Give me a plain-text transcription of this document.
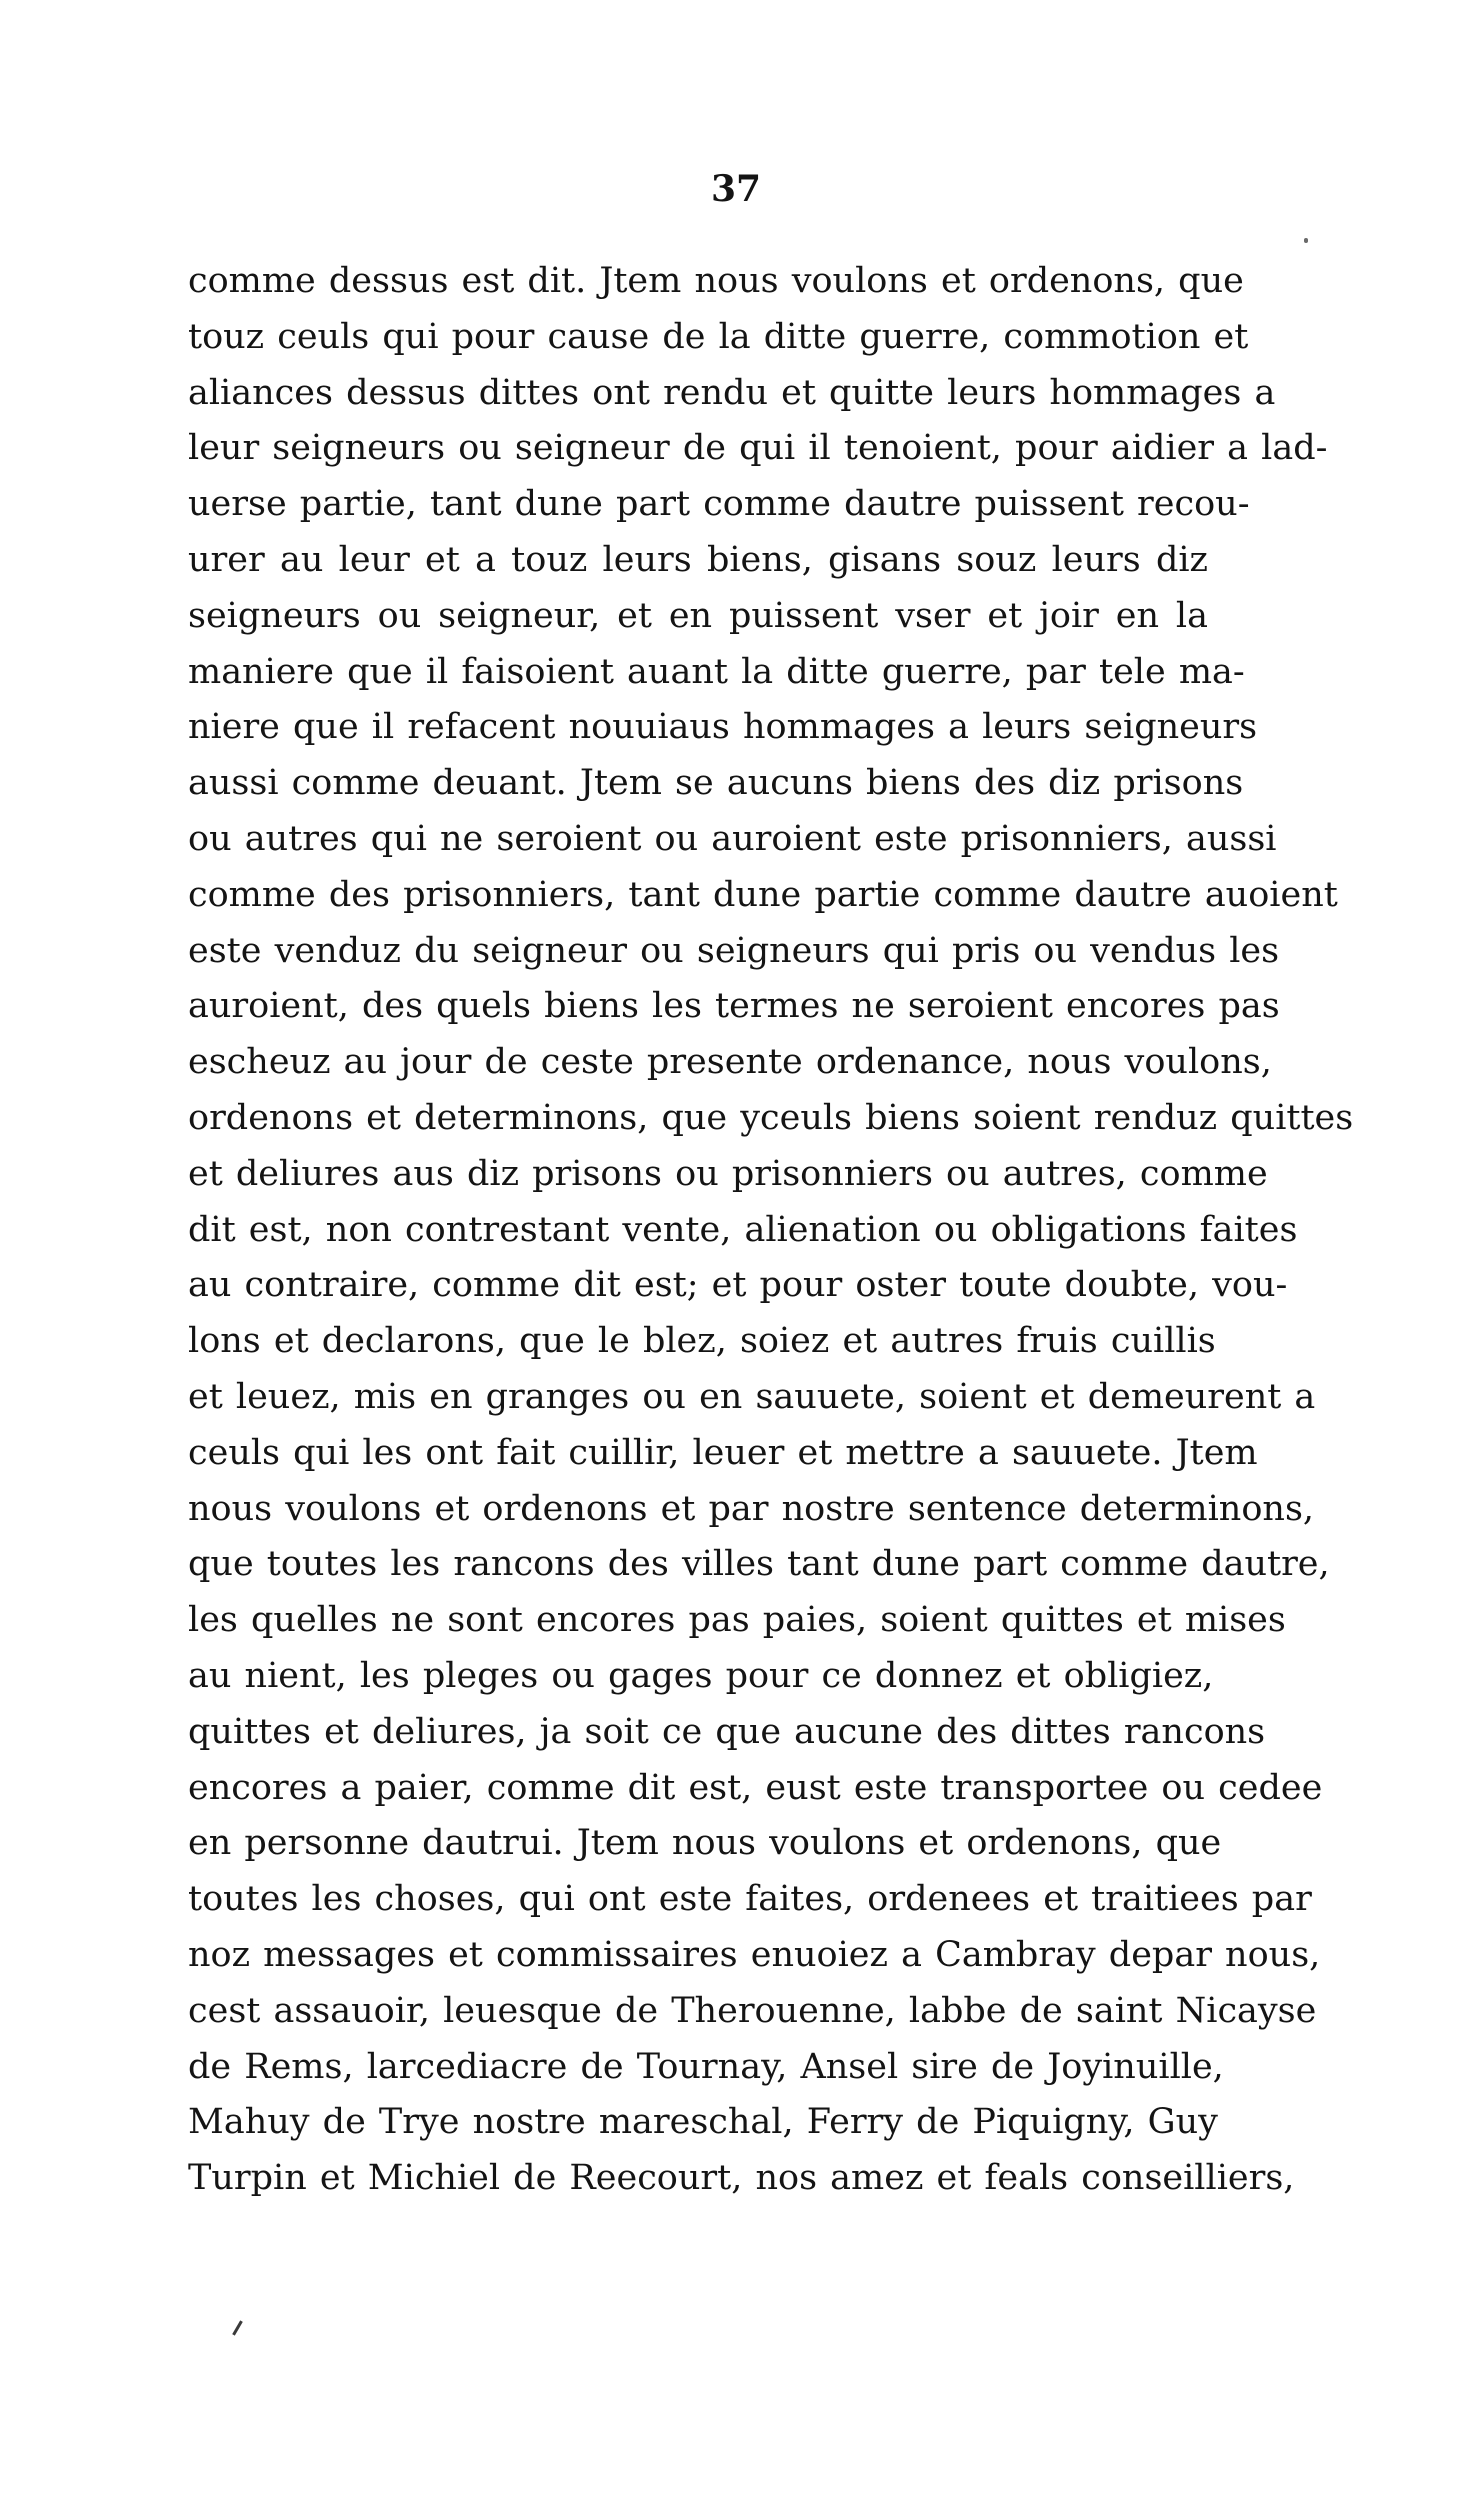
37
comme dessus est dit. Jtem nous voulons et ordenons, que
touz ceuls qui pour cause de la ditte guerre, commotion et
aliances dessus dittes ont rendu et quitte leurs hommages a
leur seigneurs ou seigneur de qui il tenoient, pour aidier a lad-
uerse partie, tant dune part comme dautre puissent recou-
urer au leur et a touz leurs biens, gisans souz leurs diz
seigneurs ou seigneur, et en puissent vser et joir en la
maniere que il faisoient auant la ditte guerre, par tele ma-
niere que il refacent nouuiaus hommages a leurs seigneurs
aussi comme deuant. Jtem se aucuns biens des diz prisons
ou autres qui ne seroient ou auroient este prisonniers, aussi
comme des prisonniers, tant dune partie comme dautre auoient
este venduz du seigneur ou seigneurs qui pris ou vendus les
auroient, des quels biens les termes ne seroient encores pas
escheuz au jour de ceste presente ordenance, nous voulons,
ordenons et determinons, que yceuls biens soient renduz quittes
et deliures aus diz prisons ou prisonniers ou autres, comme
dit est, non contrestant vente, alienation ou obligations faites
au contraire, comme dit est; et pour oster toute doubte, vou-
lons et declarons, que le blez, soiez et autres fruis cuillis
et leuez, mis en granges ou en sauuete, soient et demeurent a
ceuls qui les ont fait cuillir, leuer et mettre a sauuete. Jtem
nous voulons et ordenons et par nostre sentence determinons,
que toutes les rancons des villes tant dune part comme dautre,
les quelles ne sont encores pas paies, soient quittes et mises
au nient, les pleges ou gages pour ce donnez et obligiez,
quittes et deliures, ja soit ce que aucune des dittes rancons
encores a paier, comme dit est, eust este transportee ou cedee
en personne dautrui. Jtem nous voulons et ordenons, que
toutes les choses, qui ont este faites, ordenees et traitiees par
noz messages et commissaires enuoiez a Cambray depar nous,
cest assauoir, leuesque de Therouenne, labbe de saint Nicayse
de Rems, larcediacre de Tournay, Ansel sire de Joyinuille,
Mahuy de Trye nostre mareschal, Ferry de Piquigny, Guy
Turpin et Michiel de Reecourt, nos amez et feals conseilliers,
